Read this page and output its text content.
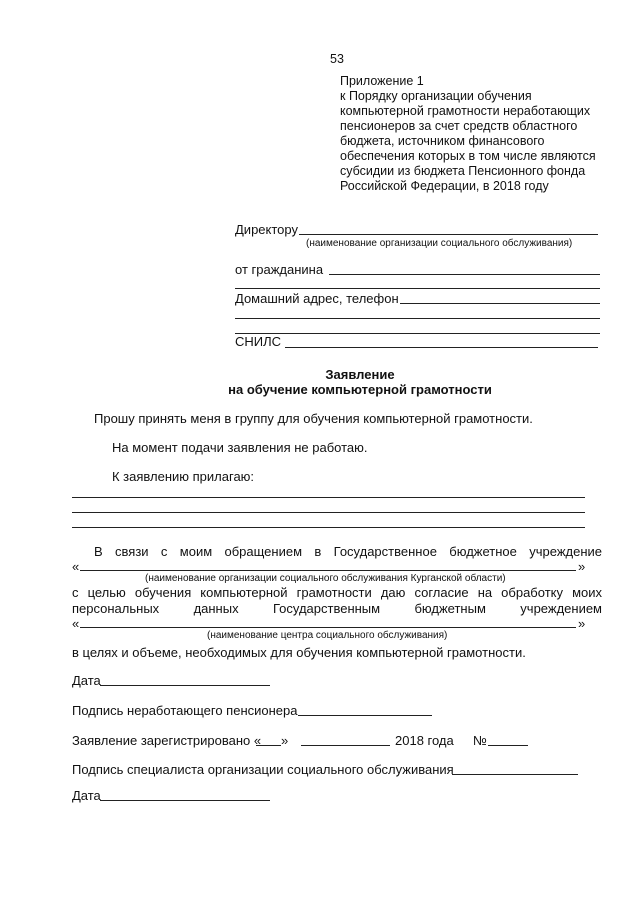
53
Приложение 1
к Порядку организации обучения
компьютерной грамотности неработающих
пенсионеров за счет средств областного
бюджета, источником финансового
обеспечения которых в том числе являются
субсидии из бюджета Пенсионного фонда
Российской Федерации, в 2018 году
Директору
(наименование организации социального обслуживания)
от гражданина
Домашний адрес, телефон
СНИЛС
Заявление
на обучение компьютерной грамотности
Прошу принять меня в группу для обучения компьютерной грамотности.
На момент подачи заявления не работаю.
К заявлению прилагаю:
В связи с моим обращением в Государственное бюджетное учреждение
«	»
(наименование организации социального обслуживания Курганской области)
с целью обучения компьютерной грамотности даю согласие на обработку моих
персональных данных Государственным бюджетным учреждением
«	»
(наименование центра социального обслуживания)
в целях и объеме, необходимых для обучения компьютерной грамотности.
Дата
Подпись неработающего пенсионера
Заявление зарегистрировано « »	2018 года №
Подпись специалиста организации социального обслуживания
Дата
